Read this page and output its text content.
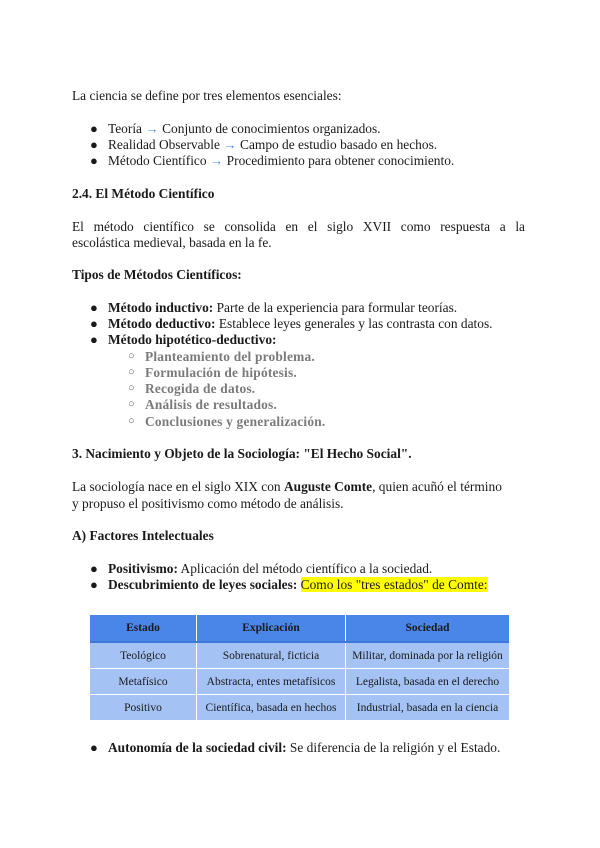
La ciencia se define por tres elementos esenciales:
● Teoría → Conjunto de conocimientos organizados.
● Realidad Observable → Campo de estudio basado en hechos.
● Método Científico → Procedimiento para obtener conocimiento.
2.4. El Método Científico
El método científico se consolida en el siglo XVII como respuesta a la
escolástica medieval, basada en la fe.
Tipos de Métodos Científicos:
● Método inductivo: Parte de la experiencia para formular teorías.
● Método deductivo: Establece leyes generales y las contrasta con datos.
● Método hipotético-deductivo:
○ Planteamiento del problema.
○ Formulación de hipótesis.
○ Recogida de datos.
○ Análisis de resultados.
○ Conclusiones y generalización.
3. Nacimiento y Objeto de la Sociología: "El Hecho Social".
La sociología nace en el siglo XIX con Auguste Comte, quien acuñó el término
y propuso el positivismo como método de análisis.
A) Factores Intelectuales
● Positivismo: Aplicación del método científico a la sociedad.
● Descubrimiento de leyes sociales: Como los "tres estados" de Comte:
Estado	Explicación	Sociedad
Teológico	Sobrenatural, ficticia	Militar, dominada por la religión
Metafísico	Abstracta, entes metafísicos	Legalista, basada en el derecho
Positivo	Científica, basada en hechos	Industrial, basada en la ciencia
● Autonomía de la sociedad civil: Se diferencia de la religión y el Estado.
